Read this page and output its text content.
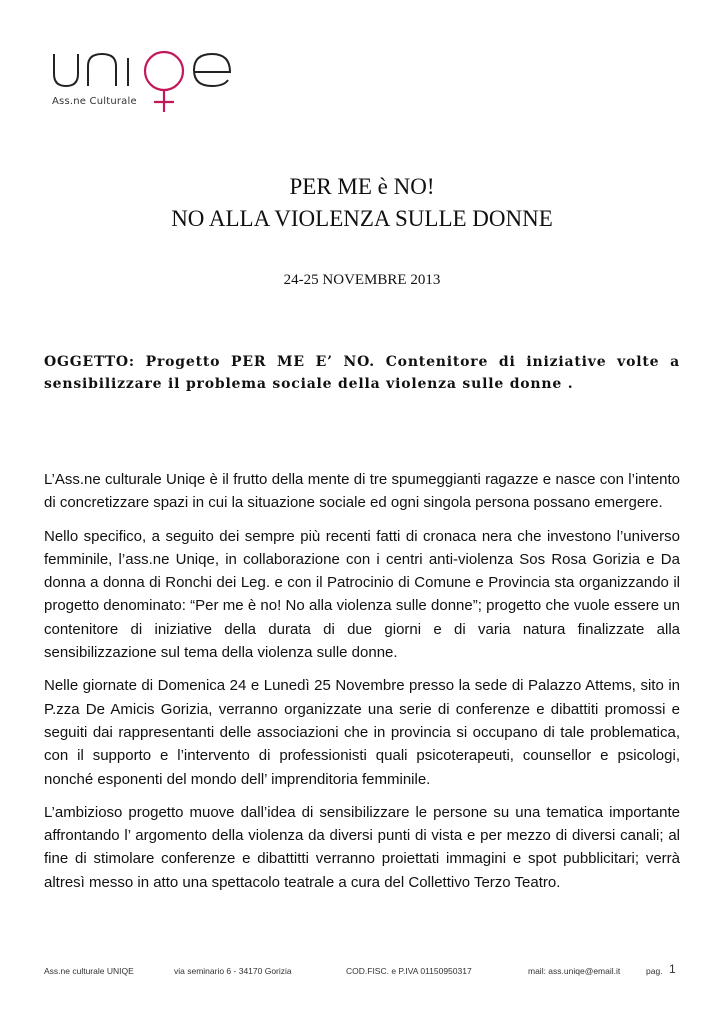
Ass.ne Culturale
PER ME è NO!
NO ALLA VIOLENZA SULLE DONNE
24-25 NOVEMBRE 2013
OGGETTO: Progetto PER ME E’ NO. Contenitore di iniziative volte a sensibilizzare il problema sociale della violenza sulle donne .

L’Ass.ne culturale Uniqe è il frutto della mente di tre spumeggianti ragazze e nasce con l’intento di concretizzare spazi in cui la situazione sociale ed ogni singola persona possano emergere.

Nello specifico, a seguito dei sempre più recenti fatti di cronaca nera che investono l’universo femminile, l’ass.ne Uniqe, in collaborazione con i centri anti-violenza Sos Rosa Gorizia e Da donna a donna di Ronchi dei Leg. e con il Patrocinio di Comune e Provincia sta organizzando il progetto denominato: “Per me è no! No alla violenza sulle donne”; progetto che vuole essere un contenitore di iniziative della durata di due giorni e di varia natura finalizzate alla sensibilizzazione sul tema della violenza sulle donne.

Nelle giornate di Domenica 24 e Lunedì 25 Novembre presso la sede di Palazzo Attems, sito in P.zza De Amicis Gorizia, verranno organizzate una serie di conferenze e dibattiti promossi e seguiti dai rappresentanti delle associazioni che in provincia si occupano di tale problematica, con il supporto e l’intervento di professionisti quali psicoterapeuti, counsellor e psicologi, nonché esponenti del mondo dell’ imprenditoria femminile.

L’ambizioso progetto muove dall’idea di sensibilizzare le persone su una tematica importante affrontando l’ argomento della violenza da diversi punti di vista e per mezzo di diversi canali; al fine di stimolare conferenze e dibattitti verranno proiettati immagini e spot pubblicitari; verrà altresì messo in atto una spettacolo teatrale a cura del Collettivo Terzo Teatro.

Ass.ne culturale UNIQE	via seminario 6 - 34170 Gorizia	COD.FISC. e P.IVA 01150950317	mail: ass.uniqe@email.it	pag. 1
